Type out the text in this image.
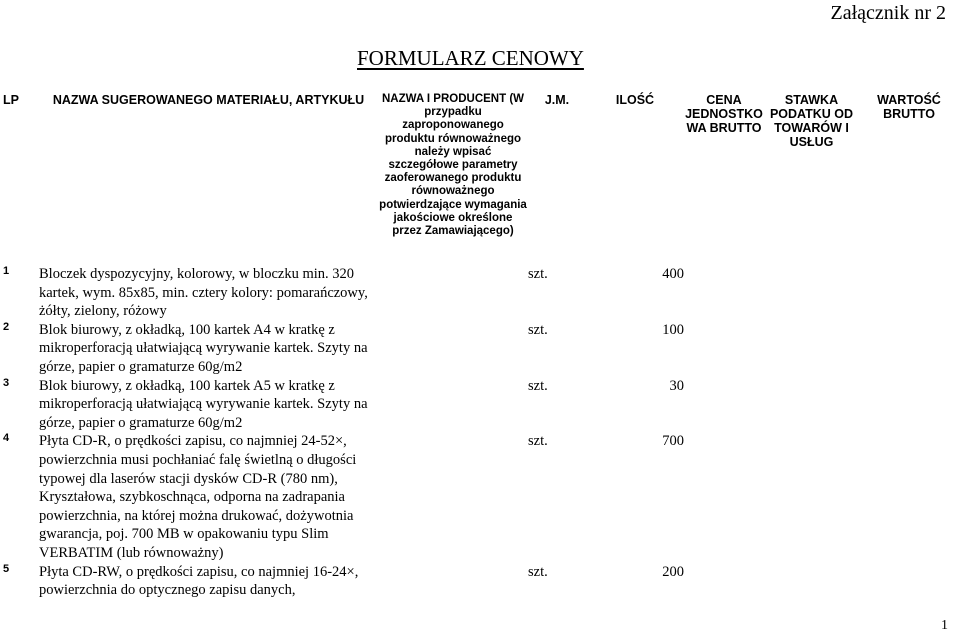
Załącznik nr 2
FORMULARZ CENOWY
LP	NAZWA SUGEROWANEGO MATERIAŁU, ARTYKUŁU	NAZWA I PRODUCENT (W przypadku zaproponowanego produktu równoważnego należy wpisać szczegółowe parametry zaoferowanego produktu równoważnego potwierdzające wymagania jakościowe określone przez Zamawiającego)	J.M.	ILOŚĆ	CENA JEDNOSTKO WA BRUTTO	STAWKA PODATKU OD TOWARÓW I USŁUG	WARTOŚĆ BRUTTO
1	Bloczek dyspozycyjny, kolorowy, w bloczku min. 320 kartek, wym. 85x85, min. cztery kolory: pomarańczowy, żółty, zielony, różowy		szt.	400			
2	Blok biurowy, z okładką, 100 kartek A4 w kratkę z mikroperforacją ułatwiającą wyrywanie kartek. Szyty na górze, papier o gramaturze 60g/m2		szt.	100			
3	Blok biurowy, z okładką, 100 kartek A5 w kratkę z mikroperforacją ułatwiającą wyrywanie kartek. Szyty na górze, papier o gramaturze 60g/m2		szt.	30			
4	Płyta CD-R, o prędkości zapisu, co najmniej 24-52×, powierzchnia musi pochłaniać falę świetlną o długości typowej dla laserów stacji dysków CD-R (780 nm), Kryształowa, szybkoschnąca, odporna na zadrapania powierzchnia, na której można drukować, dożywotnia gwarancja, poj. 700 MB w opakowaniu typu Slim VERBATIM (lub równoważny)		szt.	700			
5	Płyta CD-RW, o prędkości zapisu, co najmniej 16-24×, powierzchnia do optycznego zapisu danych,		szt.	200			
1
